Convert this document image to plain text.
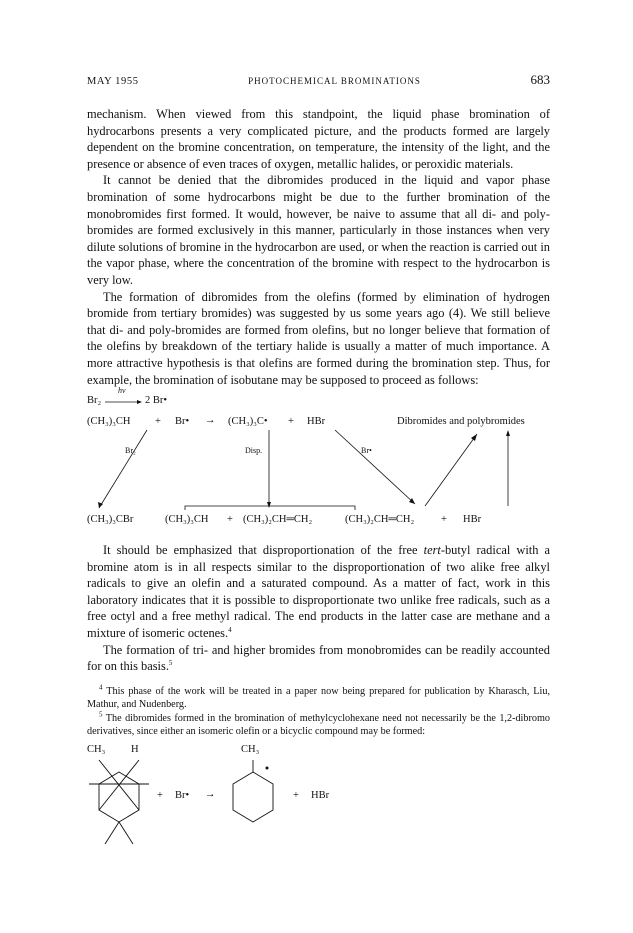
MAY 1955	PHOTOCHEMICAL BROMINATIONS	683

mechanism. When viewed from this standpoint, the liquid phase bromination of hydrocarbons presents a very complicated picture, and the products formed are largely dependent on the bromine concentration, on temperature, the intensity of the light, and the presence or absence of even traces of oxygen, metallic halides, or peroxidic materials.

It cannot be denied that the dibromides produced in the liquid and vapor phase bromination of some hydrocarbons might be due to the further bromination of the monobromides first formed. It would, however, be naive to assume that all di- and poly-bromides are formed exclusively in this manner, particularly in those instances when very dilute solutions of bromine in the hydrocarbon are used, or when the reaction is carried out in the vapor phase, where the concentration of the bromine with respect to the hydrocarbon is very low.

The formation of dibromides from the olefins (formed by elimination of hydrogen bromide from tertiary bromides) was suggested by us some years ago (4). We still believe that di- and poly-bromides are formed from olefins, but no longer believe that formation of the olefins by breakdown of the tertiary halide is usually a matter of much importance. A more attractive hypothesis is that olefins are formed during the bromination step. Thus, for example, the bromination of isobutane may be supposed to proceed as follows:

Br₂
hν
2 Br•
(CH₃)₃CH + Br• → (CH₃)₃C• + HBr	Dibromides and polybromides
Br₂	Disp.	Br•
(CH₃)₃CBr	(CH₃)₃CH + (CH₃)₂CH═CH₂	(CH₃)₂CH═CH₂	+ HBr

It should be emphasized that disproportionation of the free tert-butyl radical with a bromine atom is in all respects similar to the disproportionation of two alike free alkyl radicals to give an olefin and a saturated compound. As a matter of fact, work in this laboratory indicates that it is possible to disproportionate two unlike free radicals, such as a free octyl and a free methyl radical. The end products in the latter case are methane and a mixture of isomeric octenes.$^4$

The formation of tri- and higher bromides from monobromides can be readily accounted for on this basis.$^5$

$^4$ This phase of the work will be treated in a paper now being prepared for publication by Kharasch, Liu, Mathur, and Nudenberg.

$^5$ The dibromides formed in the bromination of methylcyclohexane need not necessarily be the 1,2-dibromo derivatives, since either an isomeric olefin or a bicyclic compound may be formed:

CH₃ H	CH₃
+ Br• →	+ HBr
